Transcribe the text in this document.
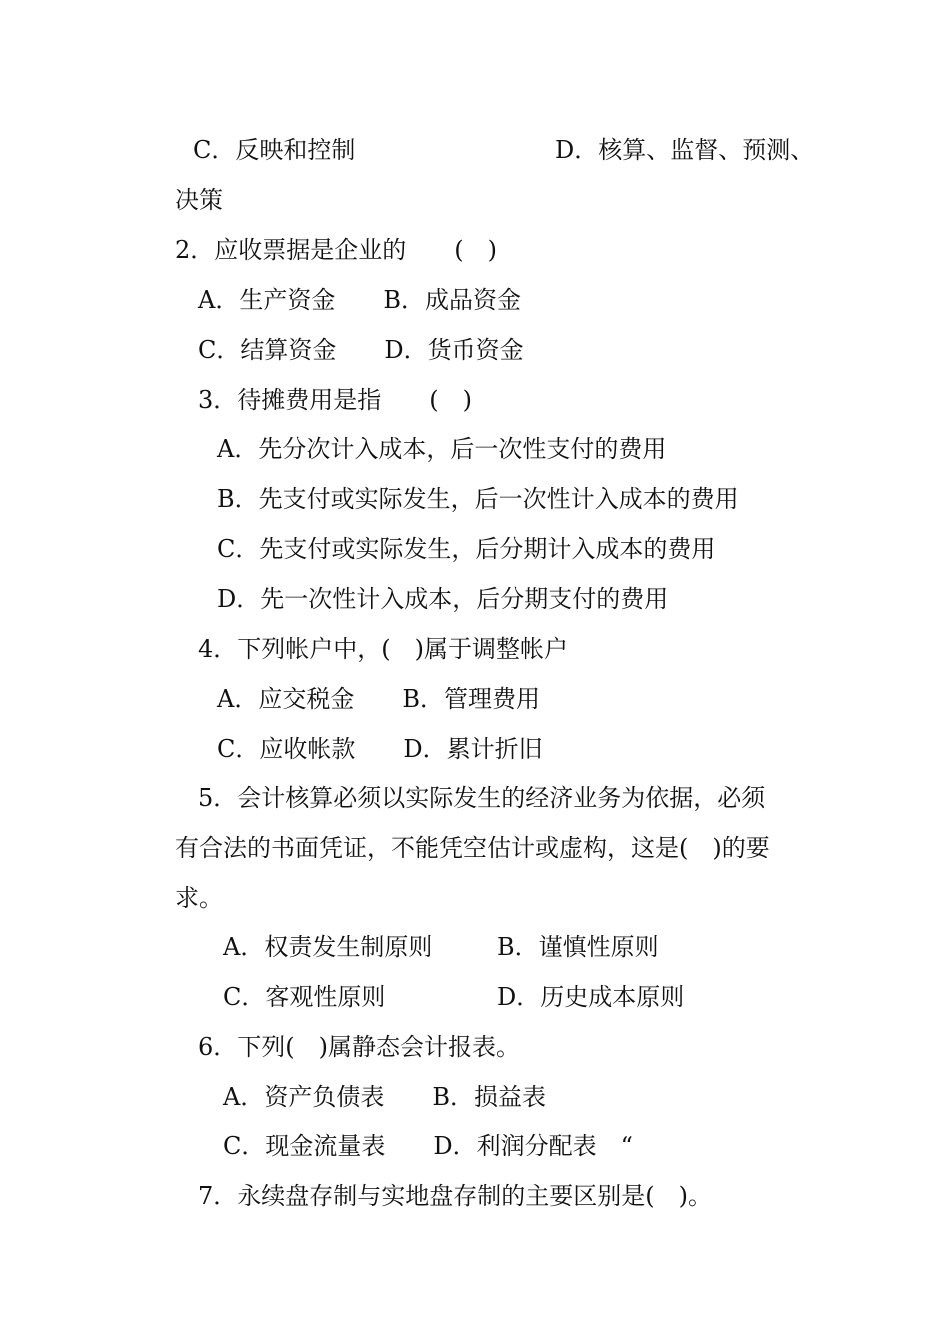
C．反映和控制	D．核算、监督、预测、
决策
2．应收票据是企业的　　(　)
A．生产资金　　B．成品资金
C．结算资金　　D．货币资金
3．待摊费用是指　　(　)
A．先分次计入成本，后一次性支付的费用
B．先支付或实际发生，后一次性计入成本的费用
C．先支付或实际发生，后分期计入成本的费用
D．先一次性计入成本，后分期支付的费用
4．下列帐户中，(　)属于调整帐户
A．应交税金　　B．管理费用
C．应收帐款　　D．累计折旧
5．会计核算必须以实际发生的经济业务为依据，必须
有合法的书面凭证，不能凭空估计或虚构，这是(　)的要
求。
A．权责发生制原则	B．谨慎性原则
C．客观性原则	D．历史成本原则
6．下列(　)属静态会计报表。
A．资产负债表　　B．损益表
C．现金流量表　　D．利润分配表　“
7．永续盘存制与实地盘存制的主要区别是(　)。
